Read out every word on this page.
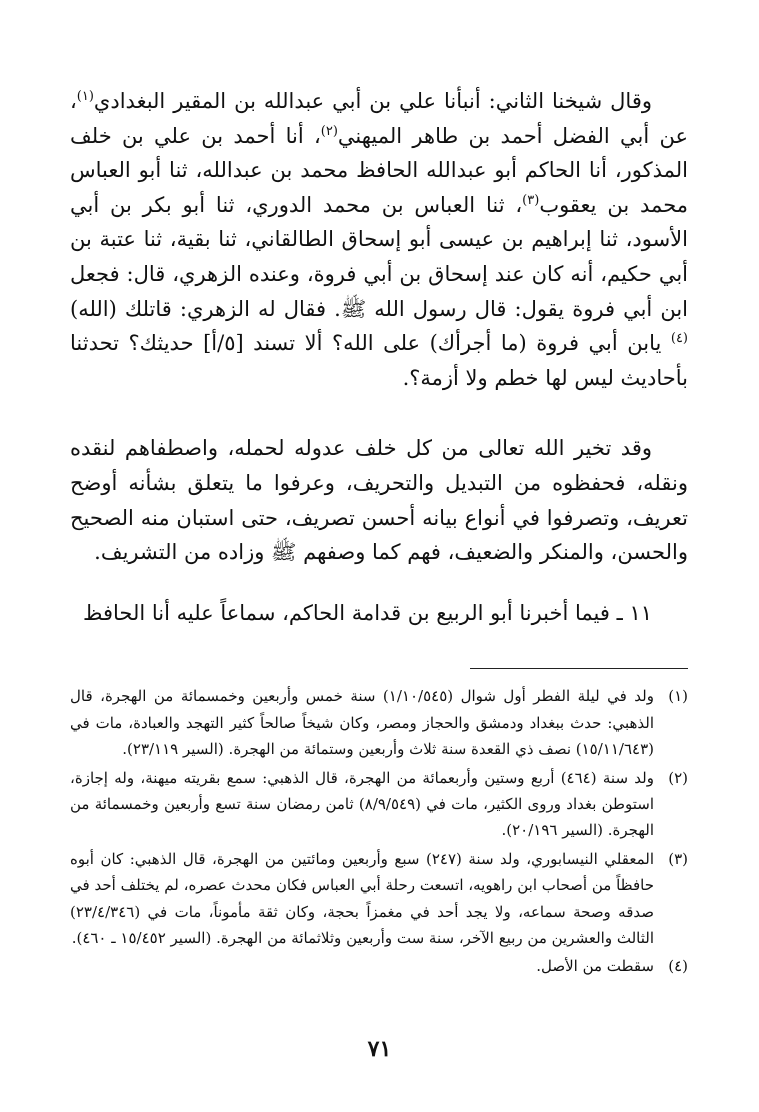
وقال شيخنا الثاني: أنبأنا علي بن أبي عبدالله بن المقير البغدادي$^{(١)}$، عن أبي الفضل أحمد بن طاهر الميهني$^{(٢)}$، أنا أحمد بن علي بن خلف المذكور، أنا الحاكم أبو عبدالله الحافظ محمد بن عبدالله، ثنا أبو العباس محمد بن يعقوب$^{(٣)}$، ثنا العباس بن محمد الدوري، ثنا أبو بكر بن أبي الأسود، ثنا إبراهيم بن عيسى أبو إسحاق الطالقاني، ثنا بقية، ثنا عتبة بن أبي حكيم، أنه كان عند إسحاق بن أبي فروة، وعنده الزهري، قال: فجعل ابن أبي فروة يقول: قال رسول الله ﷺ. فقال له الزهري: قاتلك (الله)$^{(٤)}$ يابن أبي فروة (ما أجرأك) على الله؟ ألا تسند [٥/أ] حديثك؟ تحدثنا بأحاديث ليس لها خطم ولا أزمة؟.

وقد تخير الله تعالى من كل خلف عدوله لحمله، واصطفاهم لنقده ونقله، فحفظوه من التبديل والتحريف، وعرفوا ما يتعلق بشأنه أوضح تعريف، وتصرفوا في أنواع بيانه أحسن تصريف، حتى استبان منه الصحيح والحسن، والمنكر والضعيف، فهم كما وصفهم ﷺ وزاده من التشريف.

١١ ـ فيما أخبرنا أبو الربيع بن قدامة الحاكم، سماعاً عليه أنا الحافظ

(١)
ولد في ليلة الفطر أول شوال (١/١٠/٥٤٥) سنة خمس وأربعين وخمسمائة من الهجرة، قال الذهبي: حدث ببغداد ودمشق والحجاز ومصر، وكان شيخاً صالحاً كثير التهجد والعبادة، مات في (١٥/١١/٦٤٣) نصف ذي القعدة سنة ثلاث وأربعين وستمائة من الهجرة. (السير ٢٣/١١٩).
(٢)
ولد سنة (٤٦٤) أربع وستين وأربعمائة من الهجرة، قال الذهبي: سمع بقريته ميهنة، وله إجازة، استوطن بغداد وروى الكثير، مات في (٨/٩/٥٤٩) ثامن رمضان سنة تسع وأربعين وخمسمائة من الهجرة. (السير ٢٠/١٩٦).
(٣)
المعقلي النيسابوري، ولد سنة (٢٤٧) سبع وأربعين ومائتين من الهجرة، قال الذهبي: كان أبوه حافظاً من أصحاب ابن راهويه، اتسعت رحلة أبي العباس فكان محدث عصره، لم يختلف أحد في صدقه وصحة سماعه، ولا يجد أحد في مغمزاً بحجة، وكان ثقة مأموناً، مات في (٢٣/٤/٣٤٦) الثالث والعشرين من ربيع الآخر، سنة ست وأربعين وثلاثمائة من الهجرة. (السير ١٥/٤٥٢ ـ ٤٦٠).
(٤)
سقطت من الأصل.
٧١
